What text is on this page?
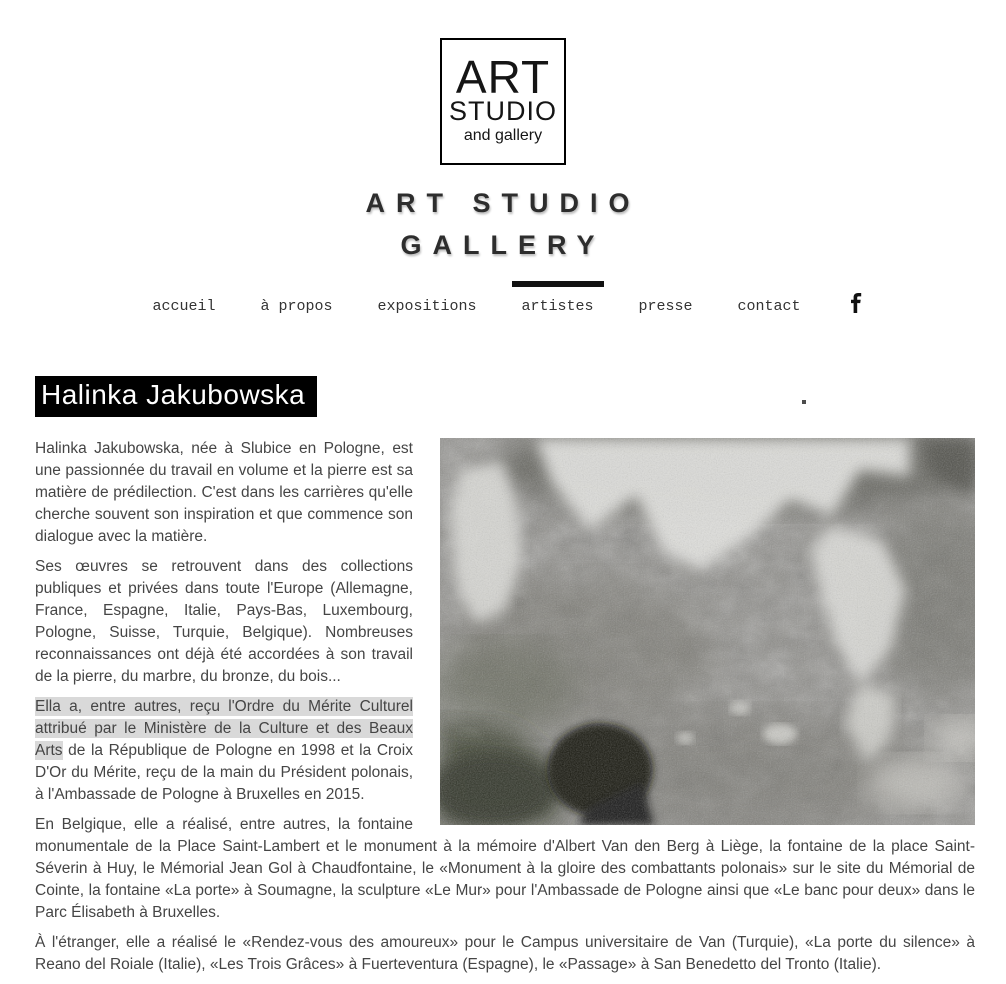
ART
STUDIO
and gallery
ART STUDIO
GALLERY
accueil	à propos	expositions	artistes	presse	contact
Halinka Jakubowska

Halinka Jakubowska, née à Slubice en Pologne, est une passionnée du travail en volume et la pierre est sa matière de prédilection. C'est dans les carrières qu'elle cherche souvent son inspiration et que commence son dialogue avec la matière.

Ses œuvres se retrouvent dans des collections publiques et privées dans toute l'Europe (Allemagne, France, Espagne, Italie, Pays-Bas, Luxembourg, Pologne, Suisse, Turquie, Belgique). Nombreuses reconnaissances ont déjà été accordées à son travail de la pierre, du marbre, du bronze, du bois...

Ella a, entre autres, reçu l'Ordre du Mérite Culturel attribué par le Ministère de la Culture et des Beaux Arts de la République de Pologne en 1998 et la Croix D'Or du Mérite, reçu de la main du Président polonais, à l'Ambassade de Pologne à Bruxelles en 2015.

En Belgique, elle a réalisé, entre autres, la fontaine monumentale de la Place Saint-Lambert et le monument à la mémoire d'Albert Van den Berg à Liège, la fontaine de la place Saint-Séverin à Huy, le Mémorial Jean Gol à Chaudfontaine, le «Monument à la gloire des combattants polonais» sur le site du Mémorial de Cointe, la fontaine «La porte» à Soumagne, la sculpture «Le Mur» pour l'Ambassade de Pologne ainsi que «Le banc pour deux» dans le Parc Élisabeth à Bruxelles.

À l'étranger, elle a réalisé le «Rendez-vous des amoureux» pour le Campus universitaire de Van (Turquie), «La porte du silence» à Reano del Roiale (Italie), «Les Trois Grâces» à Fuerteventura (Espagne), le «Passage» à San Benedetto del Tronto (Italie).
